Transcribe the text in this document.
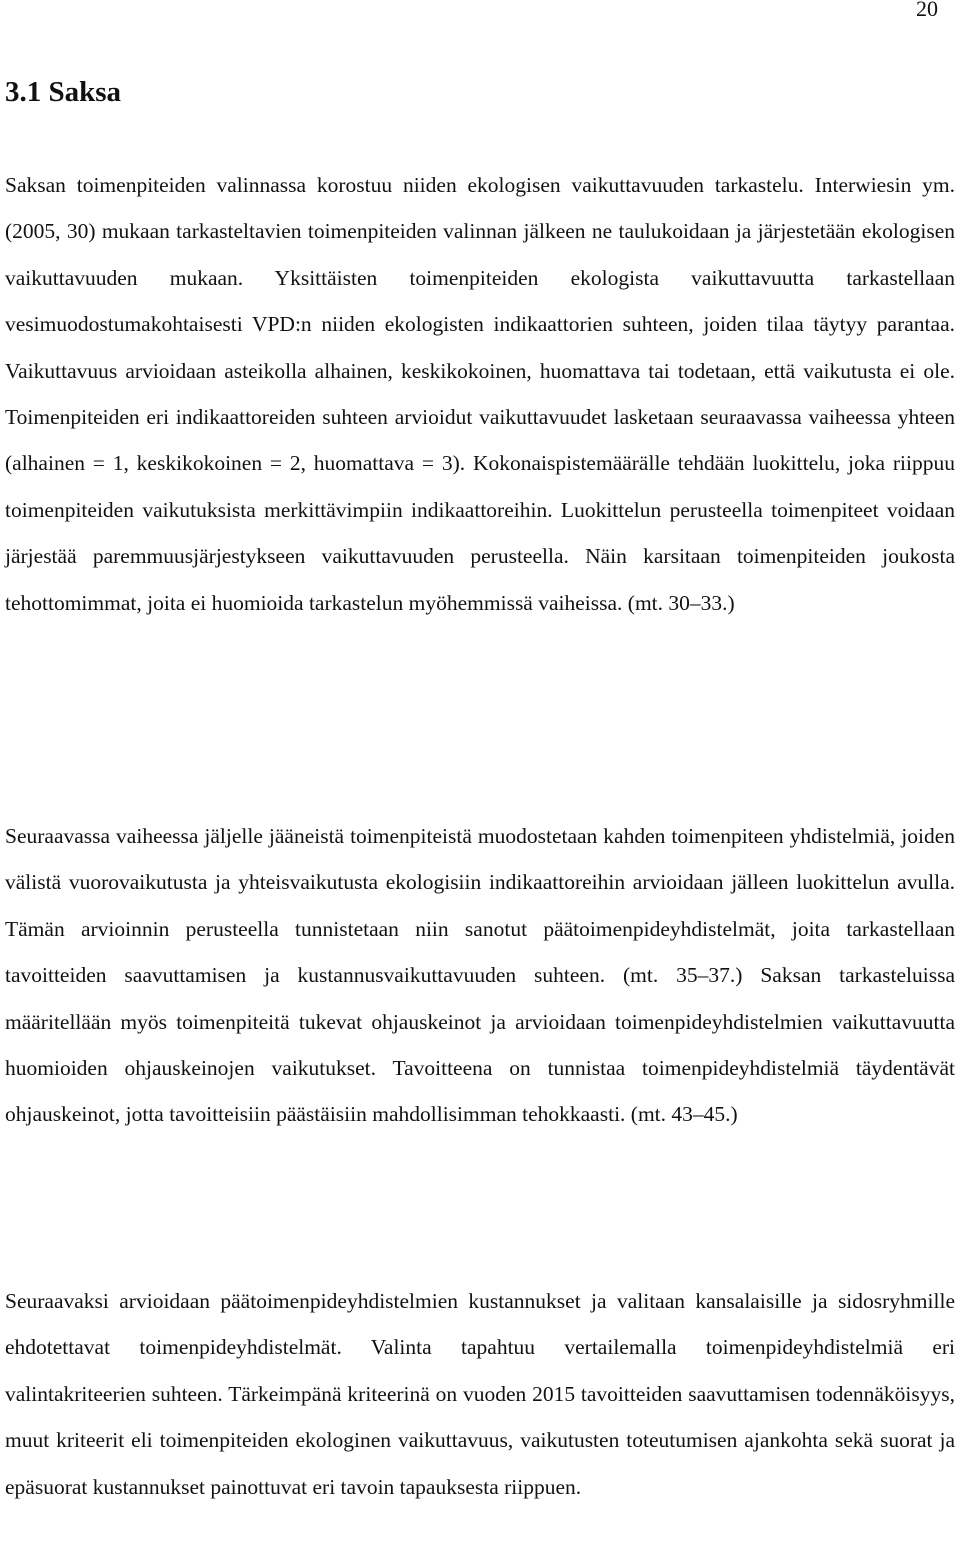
20
3.1 Saksa

Saksan toimenpiteiden valinnassa korostuu niiden ekologisen vaikuttavuuden tarkastelu. Interwiesin ym. (2005, 30) mukaan tarkasteltavien toimenpiteiden valinnan jälkeen ne taulukoidaan ja järjestetään ekologisen vaikuttavuuden mukaan. Yksittäisten toimenpiteiden ekologista vaikuttavuutta tarkastellaan vesimuodostumakohtaisesti VPD:n niiden ekologisten indikaattorien suhteen, joiden tilaa täytyy parantaa. Vaikuttavuus arvioidaan asteikolla alhainen, keskikokoinen, huomattava tai todetaan, että vaikutusta ei ole. Toimenpiteiden eri indikaattoreiden suhteen arvioidut vaikuttavuudet lasketaan seuraavassa vaiheessa yhteen (alhainen = 1, keskikokoinen = 2, huomattava = 3). Kokonaispistemäärälle tehdään luokittelu, joka riippuu toimenpiteiden vaikutuksista merkittävimpiin indikaattoreihin. Luokittelun perusteella toimenpiteet voidaan järjestää paremmuusjärjestykseen vaikuttavuuden perusteella. Näin karsitaan toimenpiteiden joukosta tehottomimmat, joita ei huomioida tarkastelun myöhemmissä vaiheissa. (mt. 30–33.)

Seuraavassa vaiheessa jäljelle jääneistä toimenpiteistä muodostetaan kahden toimenpiteen yhdistelmiä, joiden välistä vuorovaikutusta ja yhteisvaikutusta ekologisiin indikaattoreihin arvioidaan jälleen luokittelun avulla. Tämän arvioinnin perusteella tunnistetaan niin sanotut päätoimenpideyhdistelmät, joita tarkastellaan tavoitteiden saavuttamisen ja kustannusvaikuttavuuden suhteen. (mt. 35–37.) Saksan tarkasteluissa määritellään myös toimenpiteitä tukevat ohjauskeinot ja arvioidaan toimenpideyhdistelmien vaikuttavuutta huomioiden ohjauskeinojen vaikutukset. Tavoitteena on tunnistaa toimenpideyhdistelmiä täydentävät ohjauskeinot, jotta tavoitteisiin päästäisiin mahdollisimman tehokkaasti. (mt. 43–45.)

Seuraavaksi arvioidaan päätoimenpideyhdistelmien kustannukset ja valitaan kansalaisille ja sidosryhmille ehdotettavat toimenpideyhdistelmät. Valinta tapahtuu vertailemalla toimenpideyhdistelmiä eri valintakriteerien suhteen. Tärkeimpänä kriteerinä on vuoden 2015 tavoitteiden saavuttamisen todennäköisyys, muut kriteerit eli toimenpiteiden ekologinen vaikuttavuus, vaikutusten toteutumisen ajankohta sekä suorat ja epäsuorat kustannukset painottuvat eri tavoin tapauksesta riippuen.
